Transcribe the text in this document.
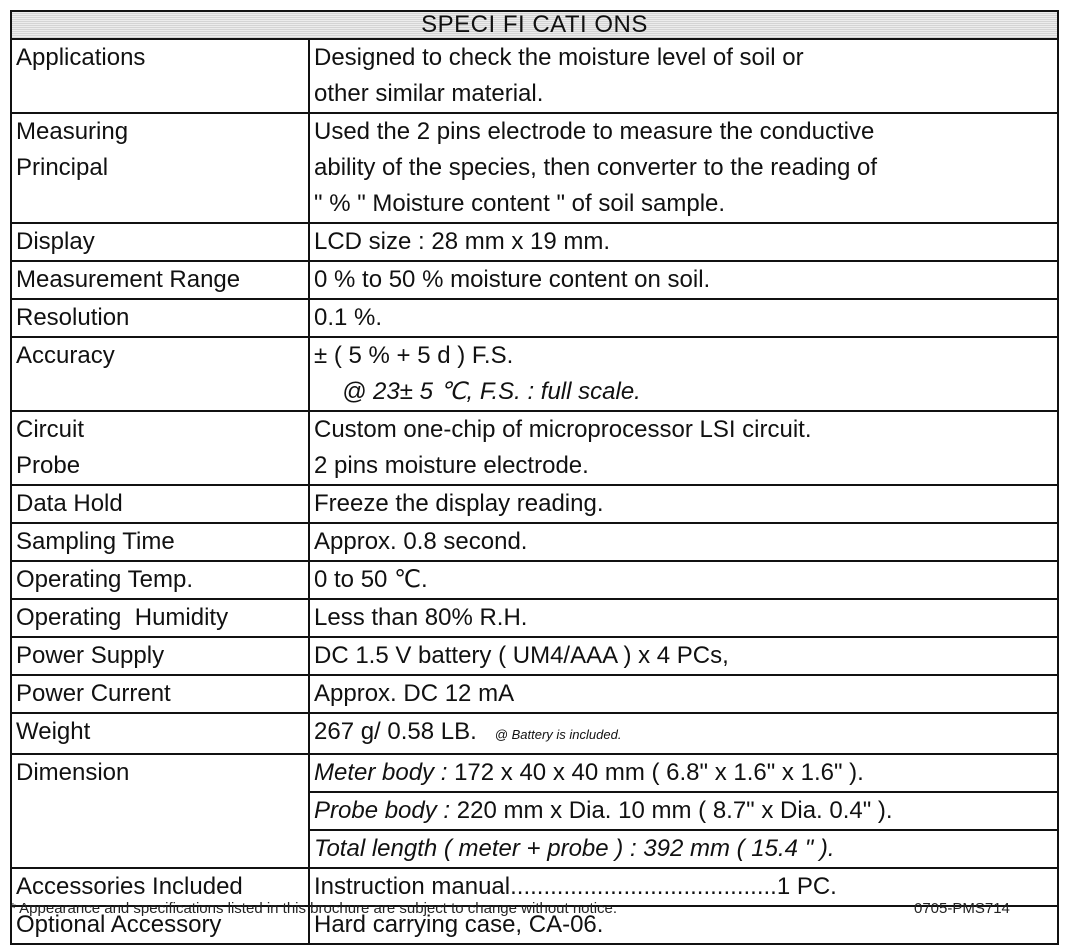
SPECI FI CATI ONS	
Applications	Designed to check the moisture level of soil or
other similar material.

Measuring
Principal	Used the 2 pins electrode to measure the conductive
ability of the species, then converter to the reading of
" % " Moisture content " of soil sample.

Display	LCD size : 28 mm x 19 mm.
Measurement Range	0 % to 50 % moisture content on soil.
Resolution	0.1 %.
Accuracy	± ( 5 % + 5 d ) F.S.
@ 23± 5 ℃, F.S. : full scale.

Circuit
Probe	Custom one-chip of microprocessor LSI circuit.
2 pins moisture electrode.

Data Hold	Freeze the display reading.
Sampling Time	Approx. 0.8 second.
Operating Temp.	0 to 50 ℃.
Operating  Humidity	Less than 80% R.H.
Power Supply	DC 1.5 V battery ( UM4/AAA ) x 4 PCs,
Power Current	Approx. DC 12 mA
Weight	267 g/ 0.58 LB. @ Battery is included.
Dimension	Meter body : 172 x 40 x 40 mm ( 6.8" x 1.6" x 1.6" ).
Probe body : 220 mm x Dia. 10 mm ( 8.7" x Dia. 0.4" ).
Total length ( meter + probe ) : 392 mm ( 15.4 " ).

Accessories Included	Instruction manual........................................1 PC.
Optional Accessory	Hard carrying case, CA-06.
* Appearance and specifications listed in this brochure are subject to change without notice.	0705-PMS714
